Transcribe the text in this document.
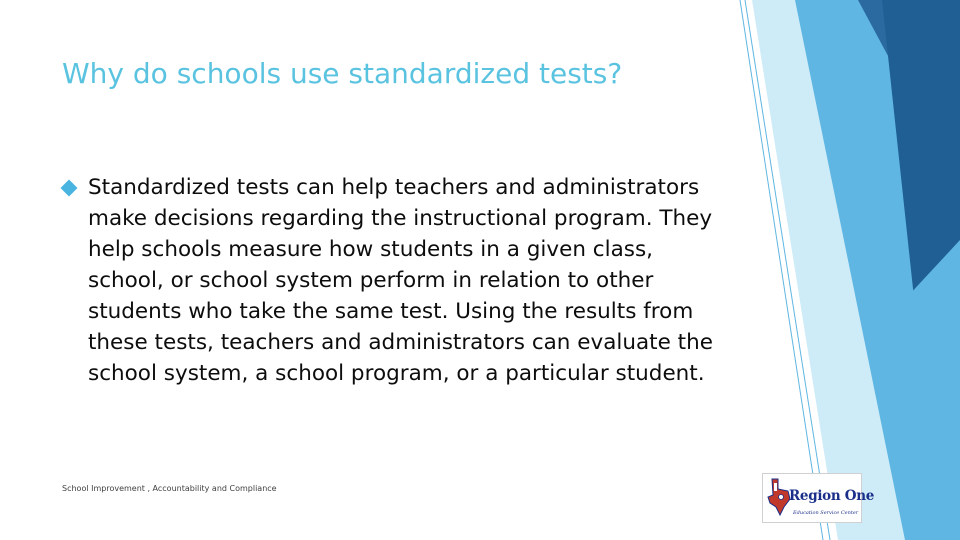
Why do schools use standardized tests?

Standardized tests can help teachers and administrators make decisions regarding the instructional program. They help schools measure how students in a given class, school, or school system perform in relation to other students who take the same test. Using the results from these tests, teachers and administrators can evaluate the school system, a school program, or a particular student.

School Improvement , Accountability and Compliance	Region One
Education Service Center
